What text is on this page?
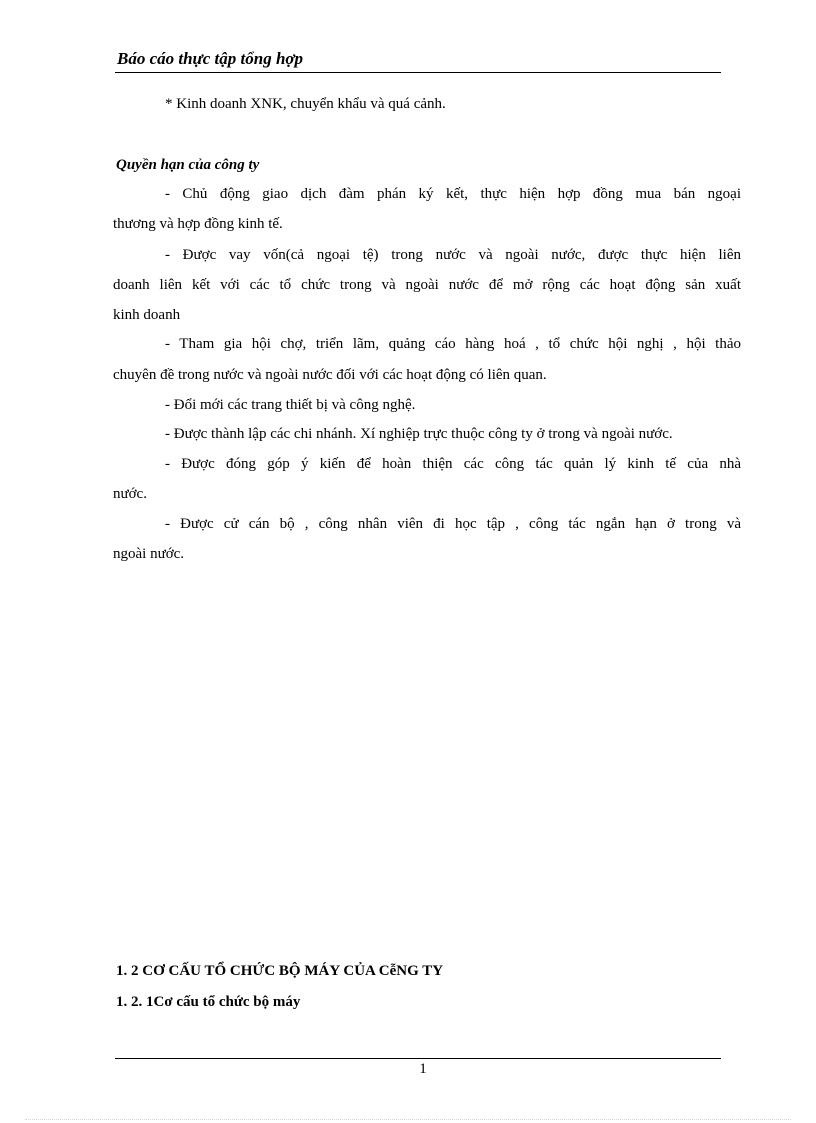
Báo cáo thực tập tổng hợp
* Kinh doanh XNK, chuyển khẩu và quá cảnh.
Quyền hạn của công ty
- Chủ động giao dịch đàm phán ký kết, thực hiện hợp đồng mua bán ngoại
thương và hợp đồng kinh tế.
- Được vay vốn(cả ngoại tệ) trong nước và ngoài nước, được thực hiện liên
doanh liên kết với các tổ chức trong và ngoài nước để mở rộng các hoạt động sản xuất
kinh doanh
- Tham gia hội chợ, triển lãm, quảng cáo hàng hoá , tổ chức hội nghị , hội thảo
chuyên đề trong nước và ngoài nước đối với các hoạt động có liên quan.
- Đổi mới các trang thiết bị và công nghệ.
- Được thành lập các chi nhánh. Xí nghiệp trực thuộc công ty ở trong và ngoài nước.
- Được đóng góp ý kiến để hoàn thiện các công tác quản lý kinh tế của nhà
nước.
- Được cử cán bộ , công nhân viên đi học tập , công tác ngắn hạn ở trong và
ngoài nước.
1. 2 CƠ CẤU TỔ CHỨC BỘ MÁY CỦA CễNG TY
1. 2. 1Cơ cấu tổ chức bộ máy
1
